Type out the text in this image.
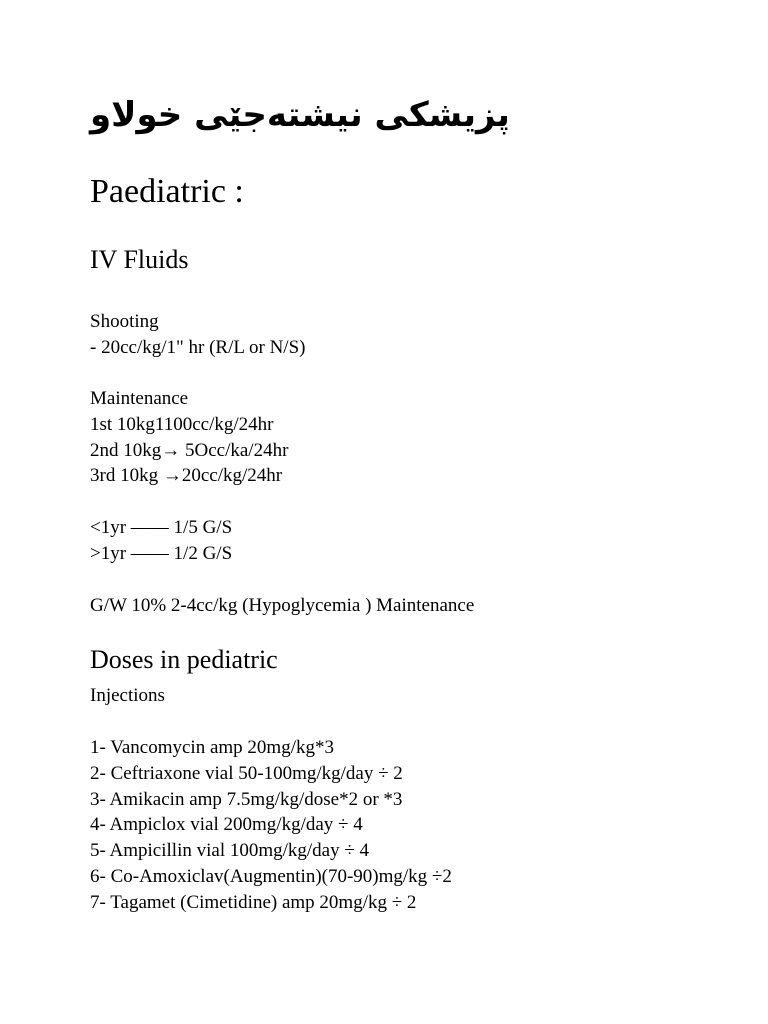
پزیشکی نیشتەجێی خولاو
Paediatric :
IV Fluids
Shooting
- 20cc/kg/1" hr (R/L or N/S)
Maintenance
1st 10kg1100cc/kg/24hr
2nd 10kg→ 5Occ/ka/24hr
3rd 10kg →20cc/kg/24hr
<1yr —— 1/5 G/S
>1yr —— 1/2 G/S
G/W 10% 2-4cc/kg (Hypoglycemia ) Maintenance
Doses in pediatric
Injections
1- Vancomycin amp 20mg/kg*3
2- Ceftriaxone vial 50-100mg/kg/day ÷ 2
3- Amikacin amp 7.5mg/kg/dose*2 or *3
4- Ampiclox vial 200mg/kg/day ÷ 4
5- Ampicillin vial 100mg/kg/day ÷ 4
6- Co-Amoxiclav(Augmentin)(70-90)mg/kg ÷2
7- Tagamet (Cimetidine) amp 20mg/kg ÷ 2
